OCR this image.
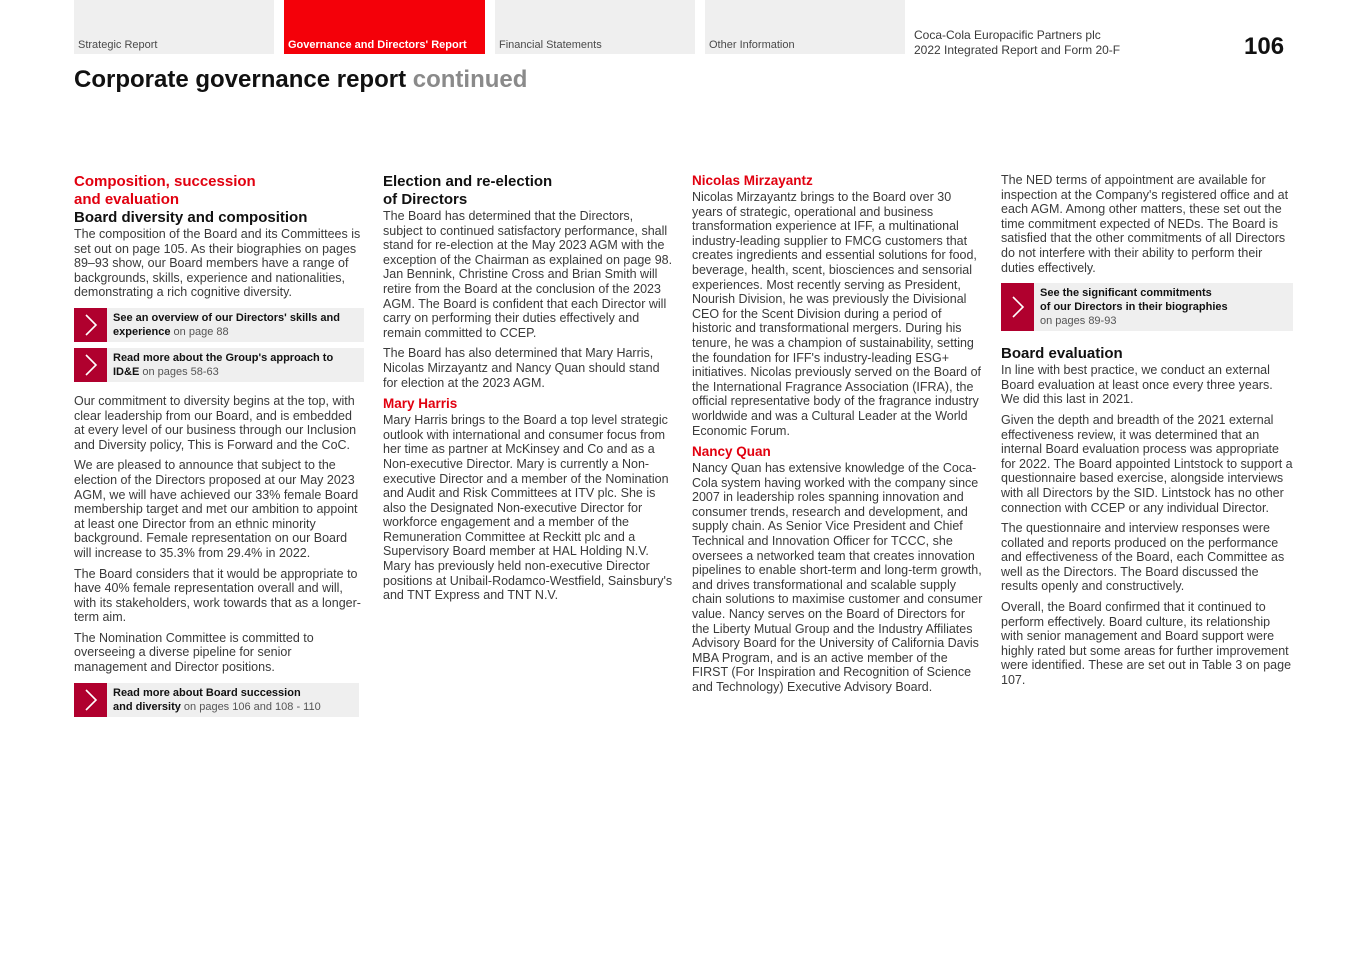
Strategic Report	Governance and Directors' Report	Financial Statements	Other Information
Coca-Cola Europacific Partners plc
2022 Integrated Report and Form 20-F	106
Corporate governance report continued
Composition, succession
and evaluation
Board diversity and composition

The composition of the Board and its Committees is set out on page 105. As their biographies on pages 89–93 show, our Board members have a range of backgrounds, skills, experience and nationalities, demonstrating a rich cognitive diversity.

See an overview of our Directors' skills and experience on page 88
Read more about the Group's approach to ID&E on pages 58-63

Our commitment to diversity begins at the top, with clear leadership from our Board, and is embedded at every level of our business through our Inclusion and Diversity policy, This is Forward and the CoC.

We are pleased to announce that subject to the election of the Directors proposed at our May 2023 AGM, we will have achieved our 33% female Board membership target and met our ambition to appoint at least one Director from an ethnic minority background. Female representation on our Board will increase to 35.3% from 29.4% in 2022.

The Board considers that it would be appropriate to have 40% female representation overall and will, with its stakeholders, work towards that as a longer-term aim.

The Nomination Committee is committed to overseeing a diverse pipeline for senior management and Director positions.

Read more about Board succession
and diversity on pages 106 and 108 - 110
Election and re-election
of Directors

The Board has determined that the Directors, subject to continued satisfactory performance, shall stand for re-election at the May 2023 AGM with the exception of the Chairman as explained on page 98. Jan Bennink, Christine Cross and Brian Smith will retire from the Board at the conclusion of the 2023 AGM. The Board is confident that each Director will carry on performing their duties effectively and remain committed to CCEP.

The Board has also determined that Mary Harris, Nicolas Mirzayantz and Nancy Quan should stand for election at the 2023 AGM.

Mary Harris

Mary Harris brings to the Board a top level strategic outlook with international and consumer focus from her time as partner at McKinsey and Co and as a Non-executive Director. Mary is currently a Non-executive Director and a member of the Nomination and Audit and Risk Committees at ITV plc. She is also the Designated Non-executive Director for workforce engagement and a member of the Remuneration Committee at Reckitt plc and a Supervisory Board member at HAL Holding N.V. Mary has previously held non-executive Director positions at Unibail-Rodamco-Westfield, Sainsbury's and TNT Express and TNT N.V.

Nicolas Mirzayantz

Nicolas Mirzayantz brings to the Board over 30 years of strategic, operational and business transformation experience at IFF, a multinational industry-leading supplier to FMCG customers that creates ingredients and essential solutions for food, beverage, health, scent, biosciences and sensorial experiences. Most recently serving as President, Nourish Division, he was previously the Divisional CEO for the Scent Division during a period of historic and transformational mergers. During his tenure, he was a champion of sustainability, setting the foundation for IFF's industry-leading ESG+ initiatives. Nicolas previously served on the Board of the International Fragrance Association (IFRA), the official representative body of the fragrance industry worldwide and was a Cultural Leader at the World Economic Forum.

Nancy Quan

Nancy Quan has extensive knowledge of the Coca-Cola system having worked with the company since 2007 in leadership roles spanning innovation and consumer trends, research and development, and supply chain. As Senior Vice President and Chief Technical and Innovation Officer for TCCC, she oversees a networked team that creates innovation pipelines to enable short-term and long-term growth, and drives transformational and scalable supply chain solutions to maximise customer and consumer value. Nancy serves on the Board of Directors for the Liberty Mutual Group and the Industry Affiliates Advisory Board for the University of California Davis MBA Program, and is an active member of the FIRST (For Inspiration and Recognition of Science and Technology) Executive Advisory Board.

The NED terms of appointment are available for inspection at the Company's registered office and at each AGM. Among other matters, these set out the time commitment expected of NEDs. The Board is satisfied that the other commitments of all Directors do not interfere with their ability to perform their duties effectively.

See the significant commitments
of our Directors in their biographies
on pages 89-93
Board evaluation

In line with best practice, we conduct an external Board evaluation at least once every three years. We did this last in 2021.

Given the depth and breadth of the 2021 external effectiveness review, it was determined that an internal Board evaluation process was appropriate for 2022. The Board appointed Lintstock to support a questionnaire based exercise, alongside interviews with all Directors by the SID. Lintstock has no other connection with CCEP or any individual Director.

The questionnaire and interview responses were collated and reports produced on the performance and effectiveness of the Board, each Committee as well as the Directors. The Board discussed the results openly and constructively.

Overall, the Board confirmed that it continued to perform effectively. Board culture, its relationship with senior management and Board support were highly rated but some areas for further improvement were identified. These are set out in Table 3 on page 107.
